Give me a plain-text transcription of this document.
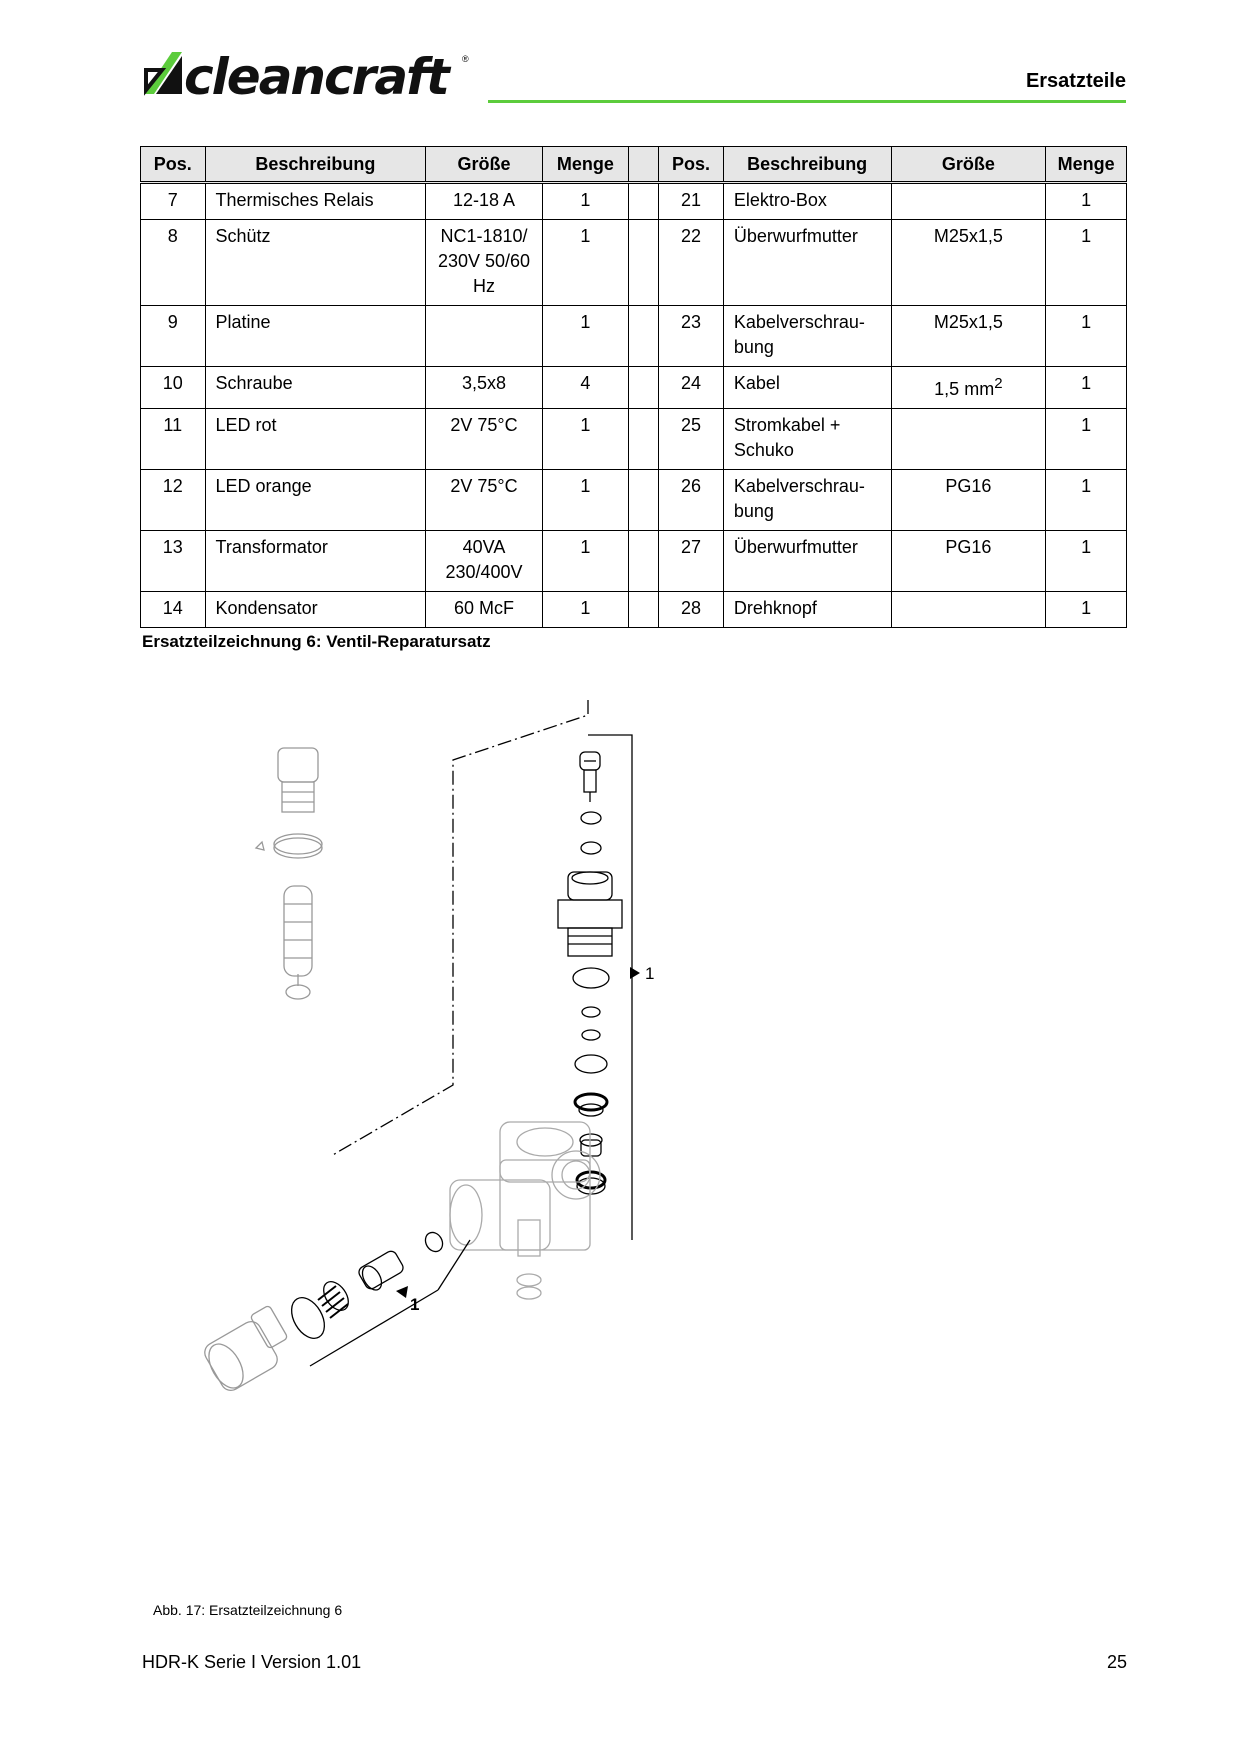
cleancraft ®
Ersatzteile
Pos.	Beschreibung	Größe	Menge		Pos.	Beschreibung	Größe	Menge
7	Thermisches Relais	12-18 A	1		21	Elektro-Box		1
8	Schütz	NC1-1810/ 230V 50/60 Hz	1		22	Überwurfmutter	M25x1,5	1
9	Platine		1		23	Kabelverschrau- bung	M25x1,5	1
10	Schraube	3,5x8	4		24	Kabel	1,5 $mm^2$	1
11	LED rot	2V 75°C	1		25	Stromkabel + Schuko		1
12	LED orange	2V 75°C	1		26	Kabelverschrau- bung	PG16	1
13	Transformator	40VA 230/400V	1		27	Überwurfmutter	PG16	1
14	Kondensator	60 McF	1		28	Drehknopf		1
Ersatzteilzeichnung 6: Ventil-Reparatursatz
1
1
Abb. 17: Ersatzteilzeichnung 6
HDR-K Serie I Version 1.01	25
